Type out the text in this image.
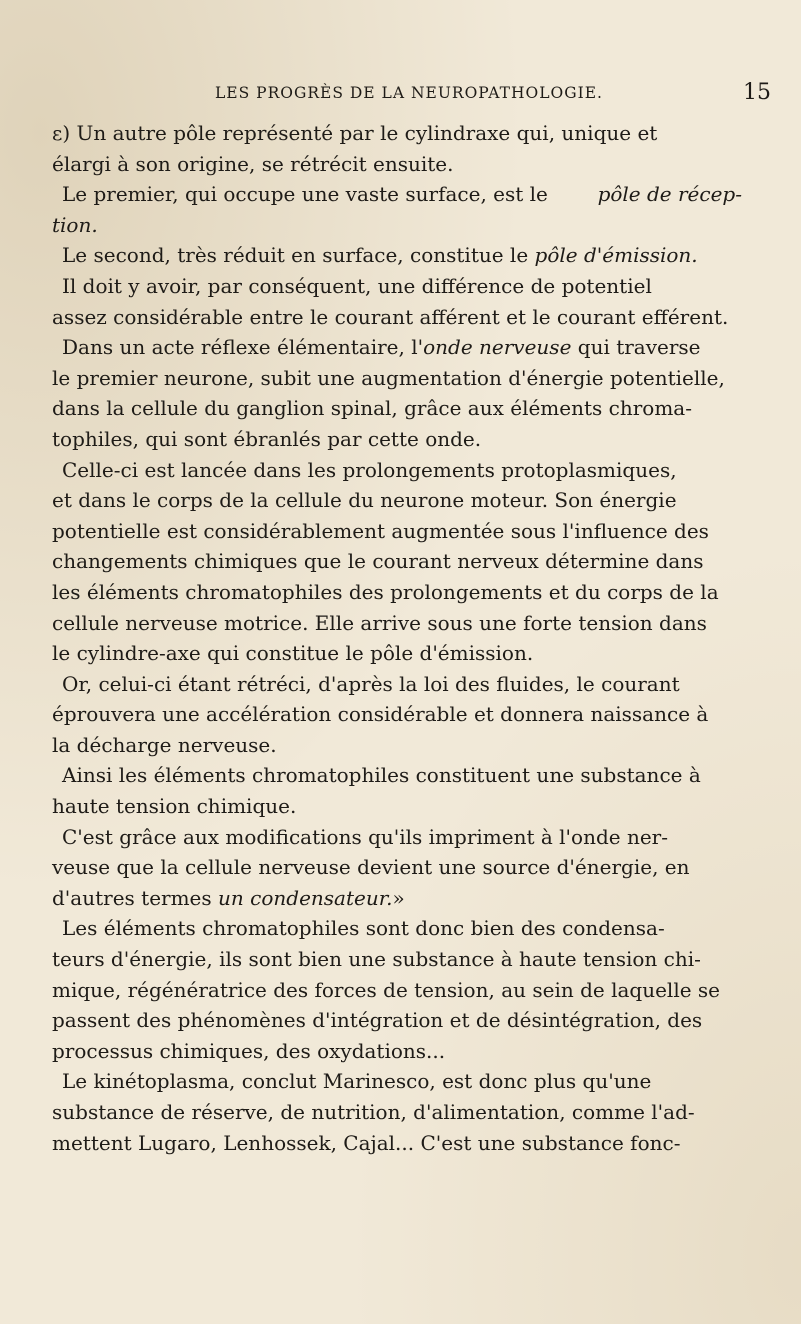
LES PROGRÈS DE LA NEUROPATHOLOGIE.	15
ε) Un autre pôle représenté par le cylindraxe qui, unique et
élargi à son origine, se rétrécit ensuite.
Le premier, qui occupe une vaste surface, est le pôle de récep-
tion.
Le second, très réduit en surface, constitue le
pôle d'émission.
Il doit y avoir, par conséquent, une différence de potentiel
assez considérable entre le courant afférent et le courant efférent.
Dans un acte réflexe élémentaire, l' onde nerveuse qui traverse
le premier neurone, subit une augmentation d'énergie potentielle,
dans la cellule du ganglion spinal, grâce aux éléments chroma-
tophiles, qui sont ébranlés par cette onde.
Celle-ci est lancée dans les prolongements protoplasmiques,
et dans le corps de la cellule du neurone moteur. Son énergie
potentielle est considérablement augmentée sous l'influence des
changements chimiques que le courant nerveux détermine dans
les éléments chromatophiles des prolongements et du corps de la
cellule nerveuse motrice. Elle arrive sous une forte tension dans
le cylindre-axe qui constitue le pôle d'émission.
Or, celui-ci étant rétréci, d'après la loi des fluides, le courant
éprouvera une accélération considérable et donnera naissance à
la décharge nerveuse.
Ainsi les éléments chromatophiles constituent une substance à
haute tension chimique.
C'est grâce aux modifications qu'ils impriment à l'onde ner-
veuse que la cellule nerveuse devient une source d'énergie, en
d'autres termes
un condensateur. »
Les éléments chromatophiles sont donc bien des condensa-
teurs d'énergie, ils sont bien une substance à haute tension chi-
mique, régénératrice des forces de tension, au sein de laquelle se
passent des phénomènes d'intégration et de désintégration, des
processus chimiques, des oxydations...
Le kinétoplasma, conclut Marinesco, est donc plus qu'une
substance de réserve, de nutrition, d'alimentation, comme l'ad-
mettent Lugaro, Lenhossek, Cajal... C'est une substance fonc-
